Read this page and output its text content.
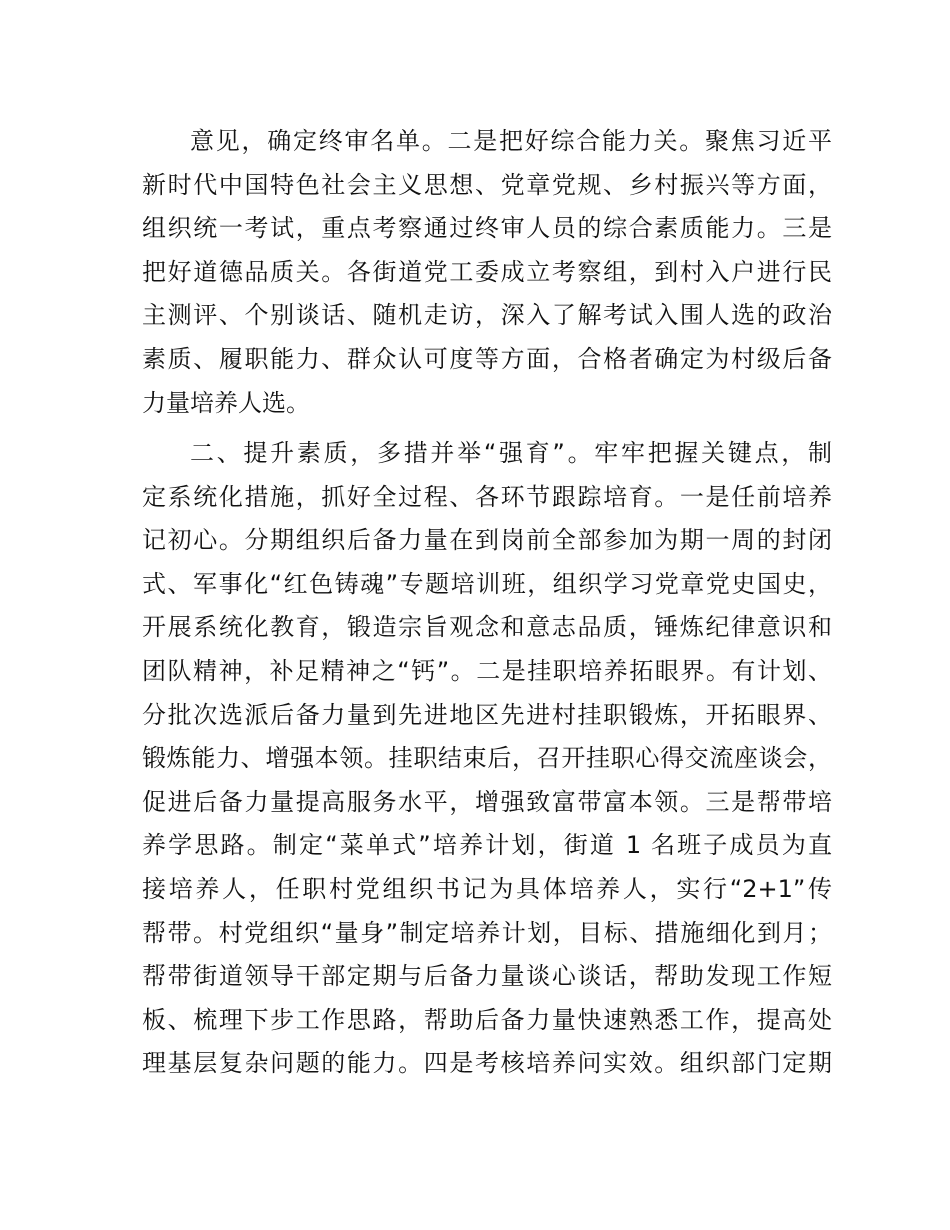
意见，确定终审名单。二是把好综合能力关。聚焦习近平
新时代中国特色社会主义思想、党章党规、乡村振兴等方面，
组织统一考试，重点考察通过终审人员的综合素质能力。三是
把好道德品质关。各街道党工委成立考察组，到村入户进行民
主测评、个别谈话、随机走访，深入了解考试入围人选的政治
素质、履职能力、群众认可度等方面，合格者确定为村级后备
力量培养人选。
二、提升素质，多措并举“强育”。牢牢把握关键点，制
定系统化措施，抓好全过程、各环节跟踪培育。一是任前培养
记初心。分期组织后备力量在到岗前全部参加为期一周的封闭
式、军事化“红色铸魂”专题培训班，组织学习党章党史国史，
开展系统化教育，锻造宗旨观念和意志品质，锤炼纪律意识和
团队精神，补足精神之“钙”。二是挂职培养拓眼界。有计划、
分批次选派后备力量到先进地区先进村挂职锻炼，开拓眼界、
锻炼能力、增强本领。挂职结束后，召开挂职心得交流座谈会，
促进后备力量提高服务水平，增强致富带富本领。三是帮带培
养学思路。制定“菜单式”培养计划，街道 1 名班子成员为直
接培养人，任职村党组织书记为具体培养人，实行“2+1”传
帮带。村党组织“量身”制定培养计划，目标、措施细化到月；
帮带街道领导干部定期与后备力量谈心谈话，帮助发现工作短
板、梳理下步工作思路，帮助后备力量快速熟悉工作，提高处
理基层复杂问题的能力。四是考核培养问实效。组织部门定期
